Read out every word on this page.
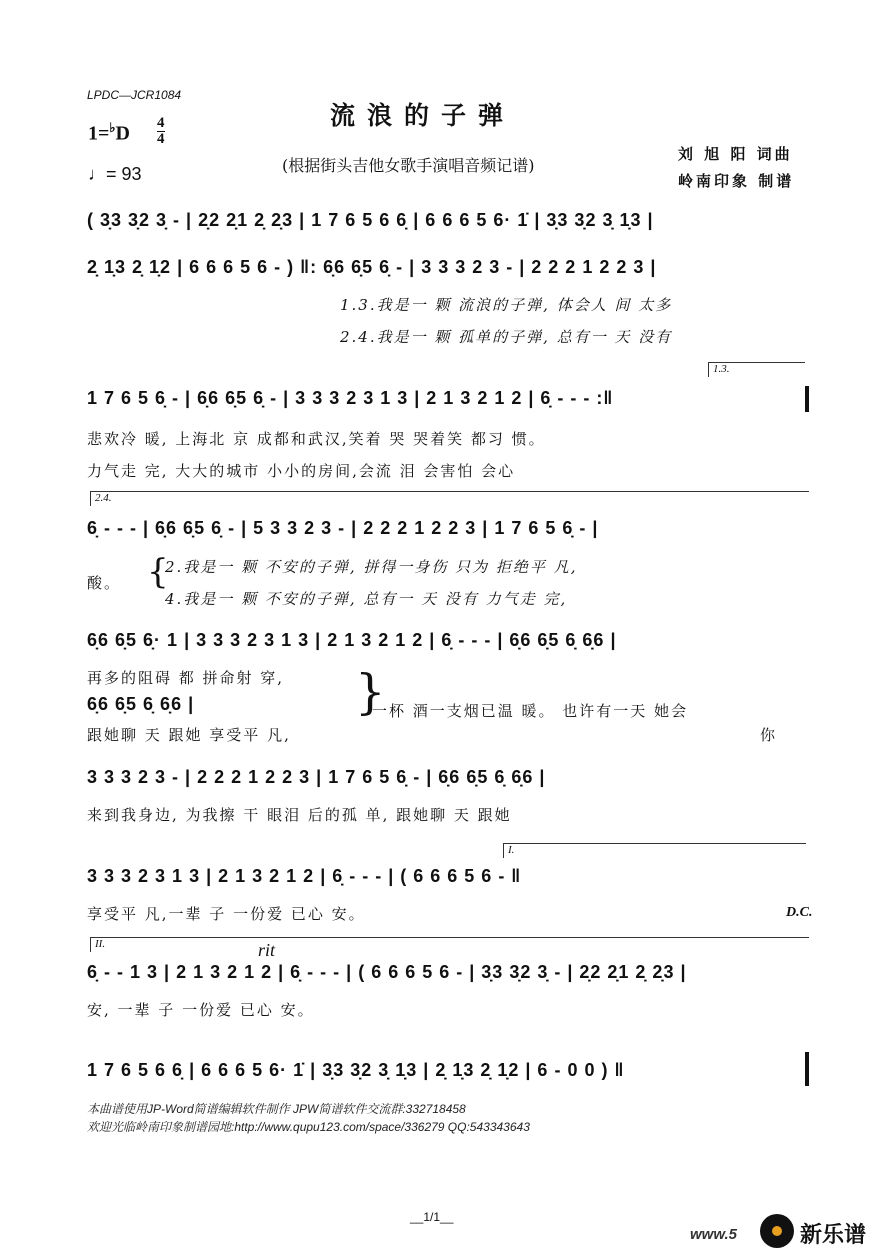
LPDC—JCR1084
流浪的子弹
1=♭D 4
4
♩= 93	(根据街头吉他女歌手演唱音频记谱)
刘 旭 阳 词曲
岭南印象 制谱
( 3̣3 3̣2 3̣ - | 2̣2 2̣1 2̣ 2̣3 | 1 7 6 5 6 6̣ | 6 6 6 5 6· 1̇ | 3̣3 3̣2 3̣ 1̣3 |
2̣ 1̣3 2̣ 1̣2 | 6 6 6 5 6 - ) ‖: 6̣6 6̣5 6̣ - | 3 3 3 2 3 - | 2 2 2 1 2 2 3 |
1.3.我是一 颗 流浪的子弹, 体会人 间 太多
2.4.我是一 颗 孤单的子弹, 总有一 天 没有
1.3.
1 7 6 5 6̣ - | 6̣6 6̣5 6̣ - | 3 3 3 2 3 1 3 | 2 1 3 2 1 2 | 6̣ - - - :‖
悲欢冷 暖, 上海北 京 成都和武汉,笑着 哭 哭着笑 都习 惯。
力气走 完, 大大的城市 小小的房间,会流 泪 会害怕 会心
2.4.
6̣ - - - | 6̣6 6̣5 6̣ - | 5 3 3 2 3 - | 2 2 2 1 2 2 3 | 1 7 6 5 6̣ - |
酸。 {
2.我是一 颗 不安的子弹, 拼得一身伤 只为 拒绝平 凡,
4.我是一 颗 不安的子弹, 总有一 天 没有 力气走 完,
6̣6 6̣5 6̣· 1 | 3 3 3 2 3 1 3 | 2 1 3 2 1 2 | 6̣ - - - | 6̣6 6̣5 6̣ 6̣6 |
再多的阻碍 都 拼命射 穿,
6̣6 6̣5 6̣ 6̣6 |	}
一杯 酒一支烟已温 暖。 也许有一天 她会
跟她聊 天 跟她 享受平 凡,	你
3 3 3 2 3 - | 2 2 2 1 2 2 3 | 1 7 6 5 6̣ - | 6̣6 6̣5 6̣ 6̣6 |
来到我身边, 为我擦 干 眼泪 后的孤 单, 跟她聊 天 跟她
I.
3 3 3 2 3 1 3 | 2 1 3 2 1 2 | 6̣ - - - | ( 6 6 6 5 6 - ‖
享受平 凡,一辈 子 一份爱 已心 安。	D.C.
II.	rit
6̣ - - 1 3 | 2 1 3 2 1 2 | 6̣ - - - | ( 6 6 6 5 6 - | 3̣3 3̣2 3̣ - | 2̣2 2̣1 2̣ 2̣3 |
安, 一辈 子 一份爱 已心 安。
1 7 6 5 6 6̣ | 6 6 6 5 6· 1̇ | 3̣3 3̣2 3̣ 1̣3 | 2̣ 1̣3 2̣ 1̣2 | 6 - 0 0 ) ‖
本曲谱使用JP-Word简谱编辑软件制作 JPW简谱软件交流群:332718458
欢迎光临岭南印象制谱园地:http://www.qupu123.com/space/336279 QQ:543343643
__1/1__
www.5	新乐谱
